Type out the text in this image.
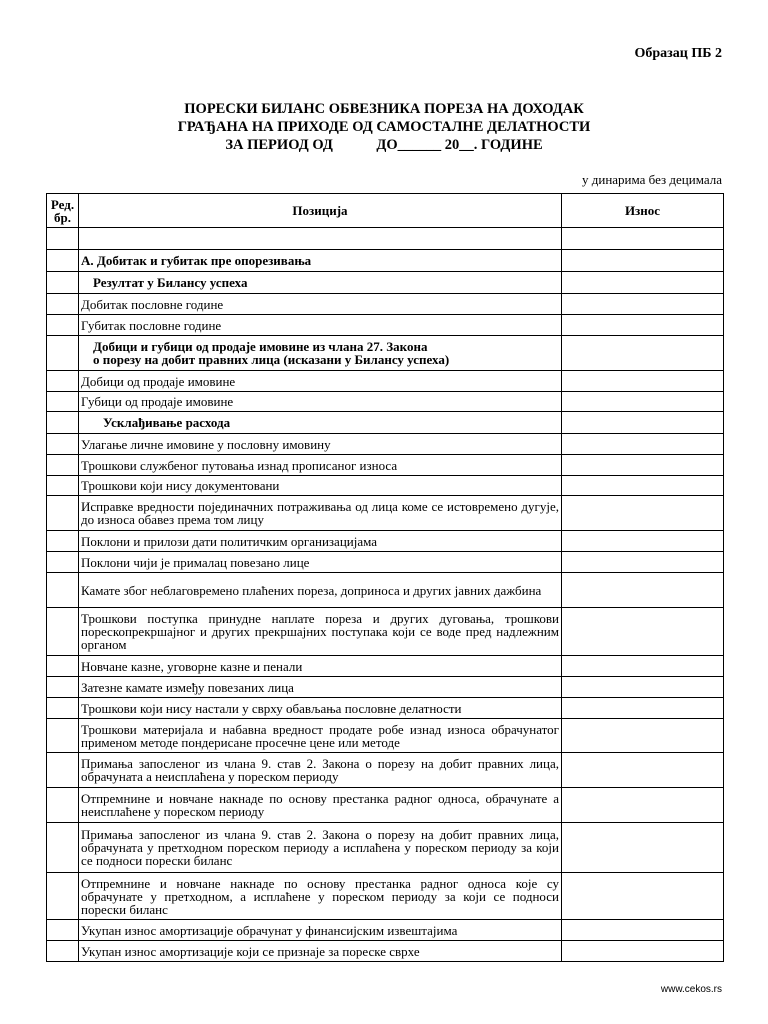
Образац ПБ 2
ПОРЕСКИ БИЛАНС ОБВЕЗНИКА ПОРЕЗА НА ДОХОДАК
ГРАЂАНА НА ПРИХОДЕ ОД САМОСТАЛНЕ ДЕЛАТНОСТИ
ЗА ПЕРИОД ОД            ДО______ 20__. ГОДИНЕ
у динарима без децимала
Ред. бр.	Позиција	Износ

	А. Добитак и губитак пре опорезивања	
	Резултат у Билансу успеха	
	Добитак пословне године	
	Губитак пословне године	
	Добици и губици од продаје имовине из члана 27. Закона
о порезу на добит правних лица (исказани у Билансу успеха)	
	Добици од продаје имовине	
	Губици од продаје имовине	
	Усклађивање расхода	
	Улагање личне имовине у пословну имовину	
	Трошкови службеног путовања изнад прописаног износа	
	Трошкови који нису документовани	
	Исправке вредности појединачних потраживања од лица коме се истовремено дугује, до износа обавез према том лицу	
	Поклони и прилози дати политичким организацијама	
	Поклони чији је прималац повезано лице	
	Камате због неблаговремено плаћених пореза, доприноса и других јавних дажбина	
	Трошкови поступка принудне наплате пореза и других дуговања, трошкови порескопрекршајног и других прекршајних поступака који се воде пред надлежним органом	
	Новчане казне, уговорне казне и пенали	
	Затезне камате између повезаних лица	
	Трошкови који нису настали у сврху обављања пословне делатности	
	Трошкови материјала и набавна вредност продате робе изнад износа обрачунатог применом методе пондерисане просечне цене или методе	
	Примања запосленог из члана 9. став 2. Закона о порезу на добит правних лица, обрачуната а неисплаћена у пореском периоду	
	Отпремнине и новчане накнаде по основу престанка радног односа, обрачунате а неисплаћене у пореском периоду	
	Примања запосленог из члана 9. став 2. Закона о порезу на добит правних лица, обрачуната у претходном пореском периоду а исплаћена у пореском периоду за који се подноси порески биланс	
	Отпремнине и новчане накнаде по основу престанка радног односа које су обрачунате у претходном, а исплаћене у пореском периоду за који се подноси порески биланс	
	Укупан износ амортизације обрачунат у финансијским извештајима	
	Укупан износ амортизације који се признаје за пореске сврхе	
www.cekos.rs
